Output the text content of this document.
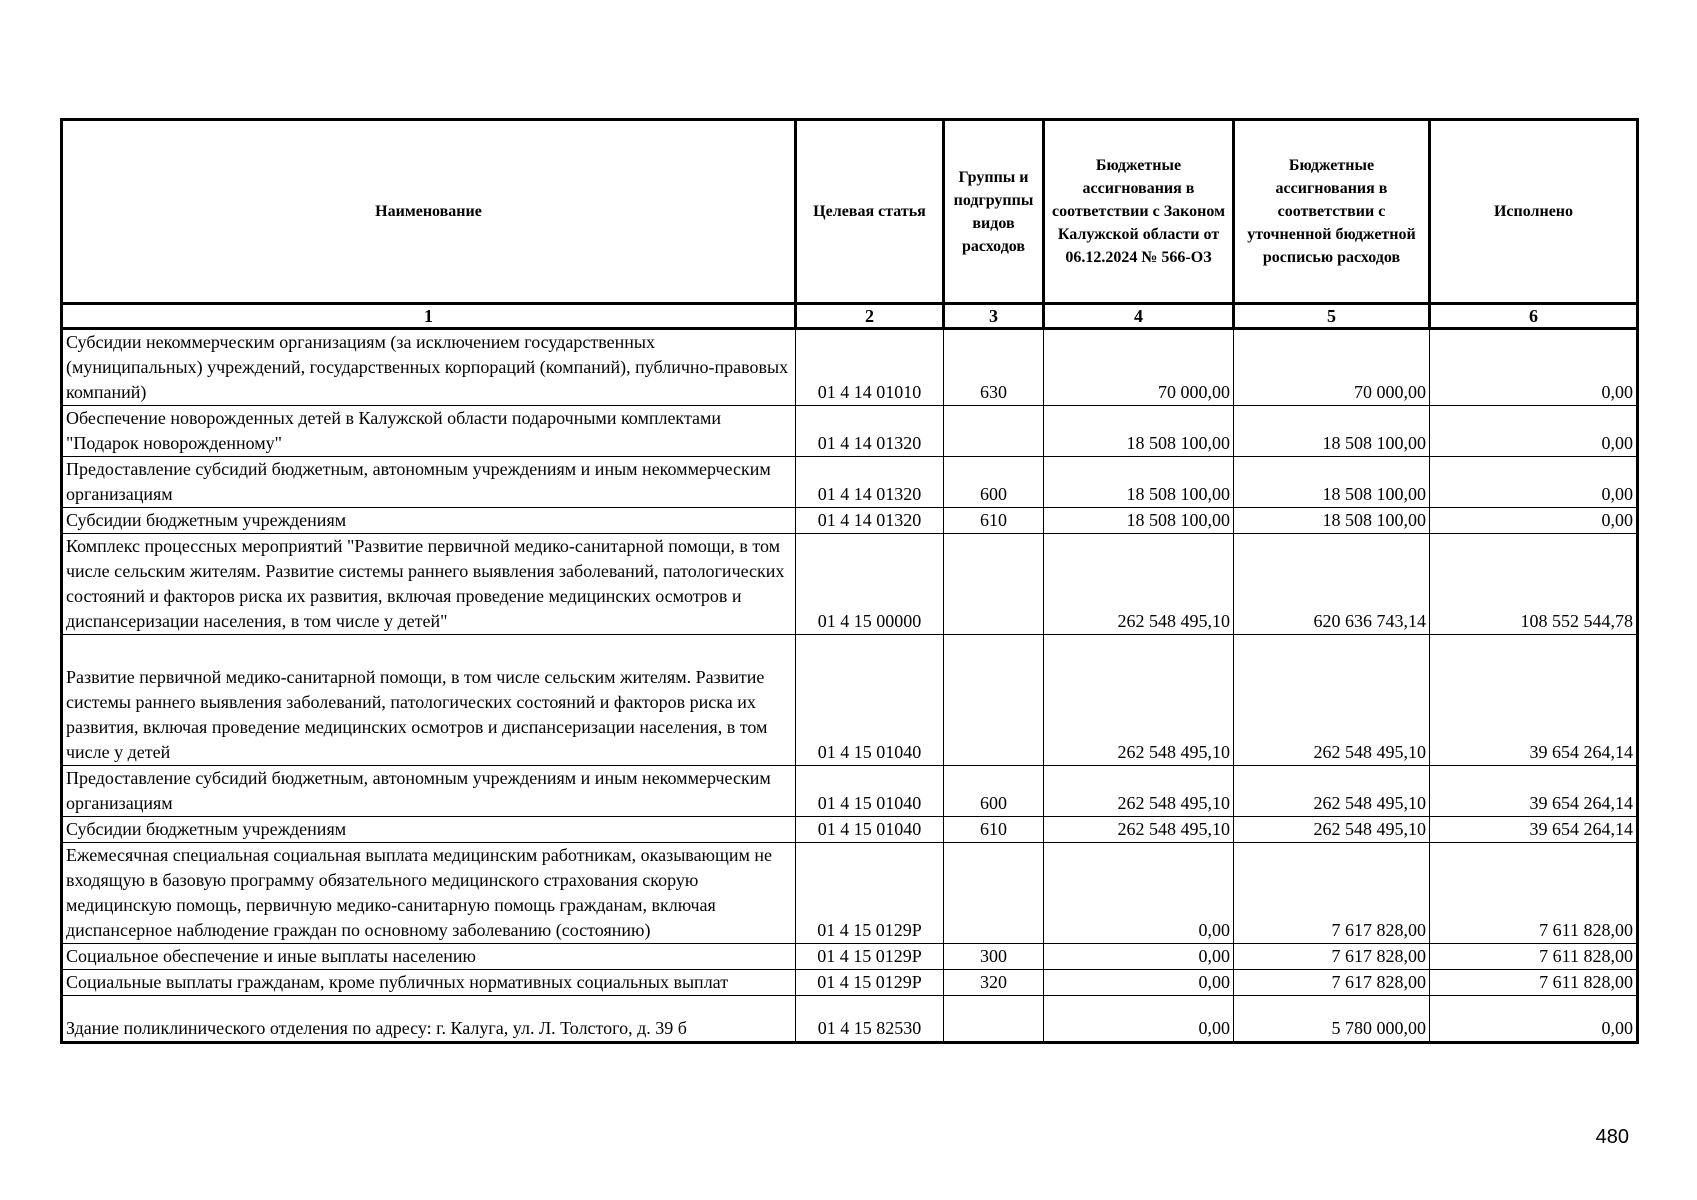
Наименование	Целевая статья	Группы и подгруппы видов расходов	Бюджетные ассигнования в соответствии с Законом Калужской области от 06.12.2024 № 566-ОЗ	Бюджетные ассигнования в соответствии с уточненной бюджетной росписью расходов	Исполнено
1	2	3	4	5	6
Субсидии некоммерческим организациям (за исключением государственных (муниципальных) учреждений, государственных корпораций (компаний), публично-правовых компаний)	01 4 14 01010	630	70 000,00	70 000,00	0,00
Обеспечение новорожденных детей в Калужской области подарочными комплектами "Подарок новорожденному"	01 4 14 01320		18 508 100,00	18 508 100,00	0,00
Предоставление субсидий бюджетным, автономным учреждениям и иным некоммерческим организациям	01 4 14 01320	600	18 508 100,00	18 508 100,00	0,00
Субсидии бюджетным учреждениям	01 4 14 01320	610	18 508 100,00	18 508 100,00	0,00
Комплекс процессных мероприятий "Развитие первичной медико-санитарной помощи, в том числе сельским жителям. Развитие системы раннего выявления заболеваний, патологических состояний и факторов риска их развития, включая проведение медицинских осмотров и диспансеризации населения, в том числе у детей"	01 4 15 00000		262 548 495,10	620 636 743,14	108 552 544,78
Развитие первичной медико-санитарной помощи, в том числе сельским жителям. Развитие системы раннего выявления заболеваний, патологических состояний и факторов риска их развития, включая проведение медицинских осмотров и диспансеризации населения, в том числе у детей	01 4 15 01040		262 548 495,10	262 548 495,10	39 654 264,14
Предоставление субсидий бюджетным, автономным учреждениям и иным некоммерческим организациям	01 4 15 01040	600	262 548 495,10	262 548 495,10	39 654 264,14
Субсидии бюджетным учреждениям	01 4 15 01040	610	262 548 495,10	262 548 495,10	39 654 264,14
Ежемесячная специальная социальная выплата медицинским работникам, оказывающим не входящую в базовую программу обязательного медицинского страхования скорую медицинскую помощь, первичную медико-санитарную помощь гражданам, включая диспансерное наблюдение граждан по основному заболеванию (состоянию)	01 4 15 0129Р		0,00	7 617 828,00	7 611 828,00
Социальное обеспечение и иные выплаты населению	01 4 15 0129Р	300	0,00	7 617 828,00	7 611 828,00
Социальные выплаты гражданам, кроме публичных нормативных социальных выплат	01 4 15 0129Р	320	0,00	7 617 828,00	7 611 828,00
Здание поликлинического отделения по адресу: г. Калуга, ул. Л. Толстого, д. 39 б	01 4 15 82530		0,00	5 780 000,00	0,00
480
